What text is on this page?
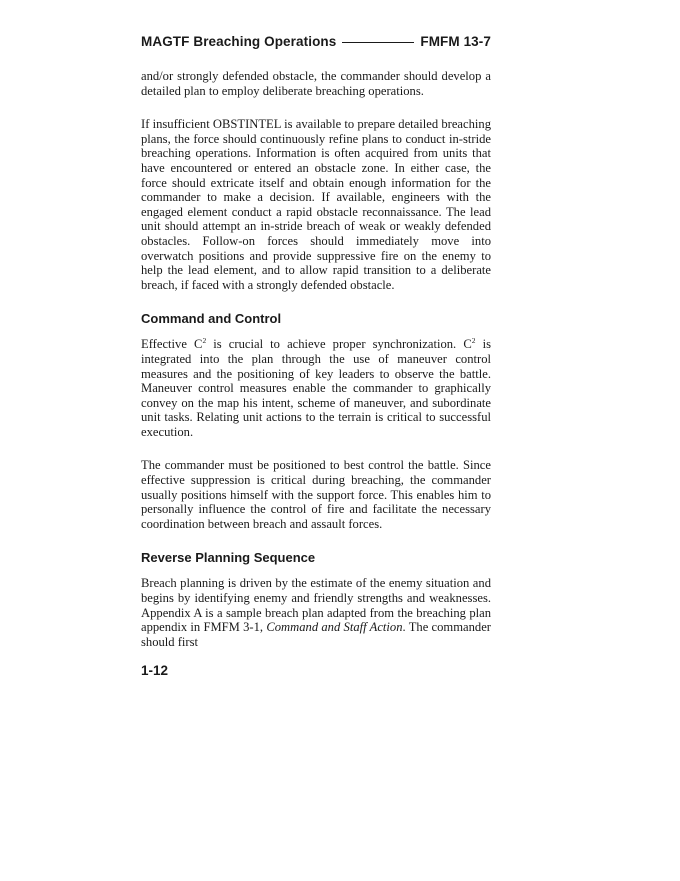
MAGTF Breaching Operations	FMFM 13-7

and/or strongly defended obstacle, the commander should develop a detailed plan to employ deliberate breaching operations.

If insufficient OBSTINTEL is available to prepare detailed breaching plans, the force should continuously refine plans to conduct in-stride breaching operations. Information is often acquired from units that have encountered or entered an obstacle zone. In either case, the force should extricate itself and obtain enough information for the commander to make a decision. If available, engineers with the engaged element conduct a rapid obstacle reconnaissance. The lead unit should attempt an in-stride breach of weak or weakly defended obstacles. Follow-on forces should immediately move into overwatch positions and provide suppressive fire on the enemy to help the lead element, and to allow rapid transition to a deliberate breach, if faced with a strongly defended obstacle.

Command and Control

Effective $C^2$ is crucial to achieve proper synchronization. $C^2$ is integrated into the plan through the use of maneuver control measures and the positioning of key leaders to observe the battle. Maneuver control measures enable the commander to graphically convey on the map his intent, scheme of maneuver, and subordinate unit tasks. Relating unit actions to the terrain is critical to successful execution.

The commander must be positioned to best control the battle. Since effective suppression is critical during breaching, the commander usually positions himself with the support force. This enables him to personally influence the control of fire and facilitate the necessary coordination between breach and assault forces.

Reverse Planning Sequence

Breach planning is driven by the estimate of the enemy situation and begins by identifying enemy and friendly strengths and weaknesses. Appendix A is a sample breach plan adapted from the breaching plan appendix in FMFM 3-1, Command and Staff Action. The commander should first

1-12
